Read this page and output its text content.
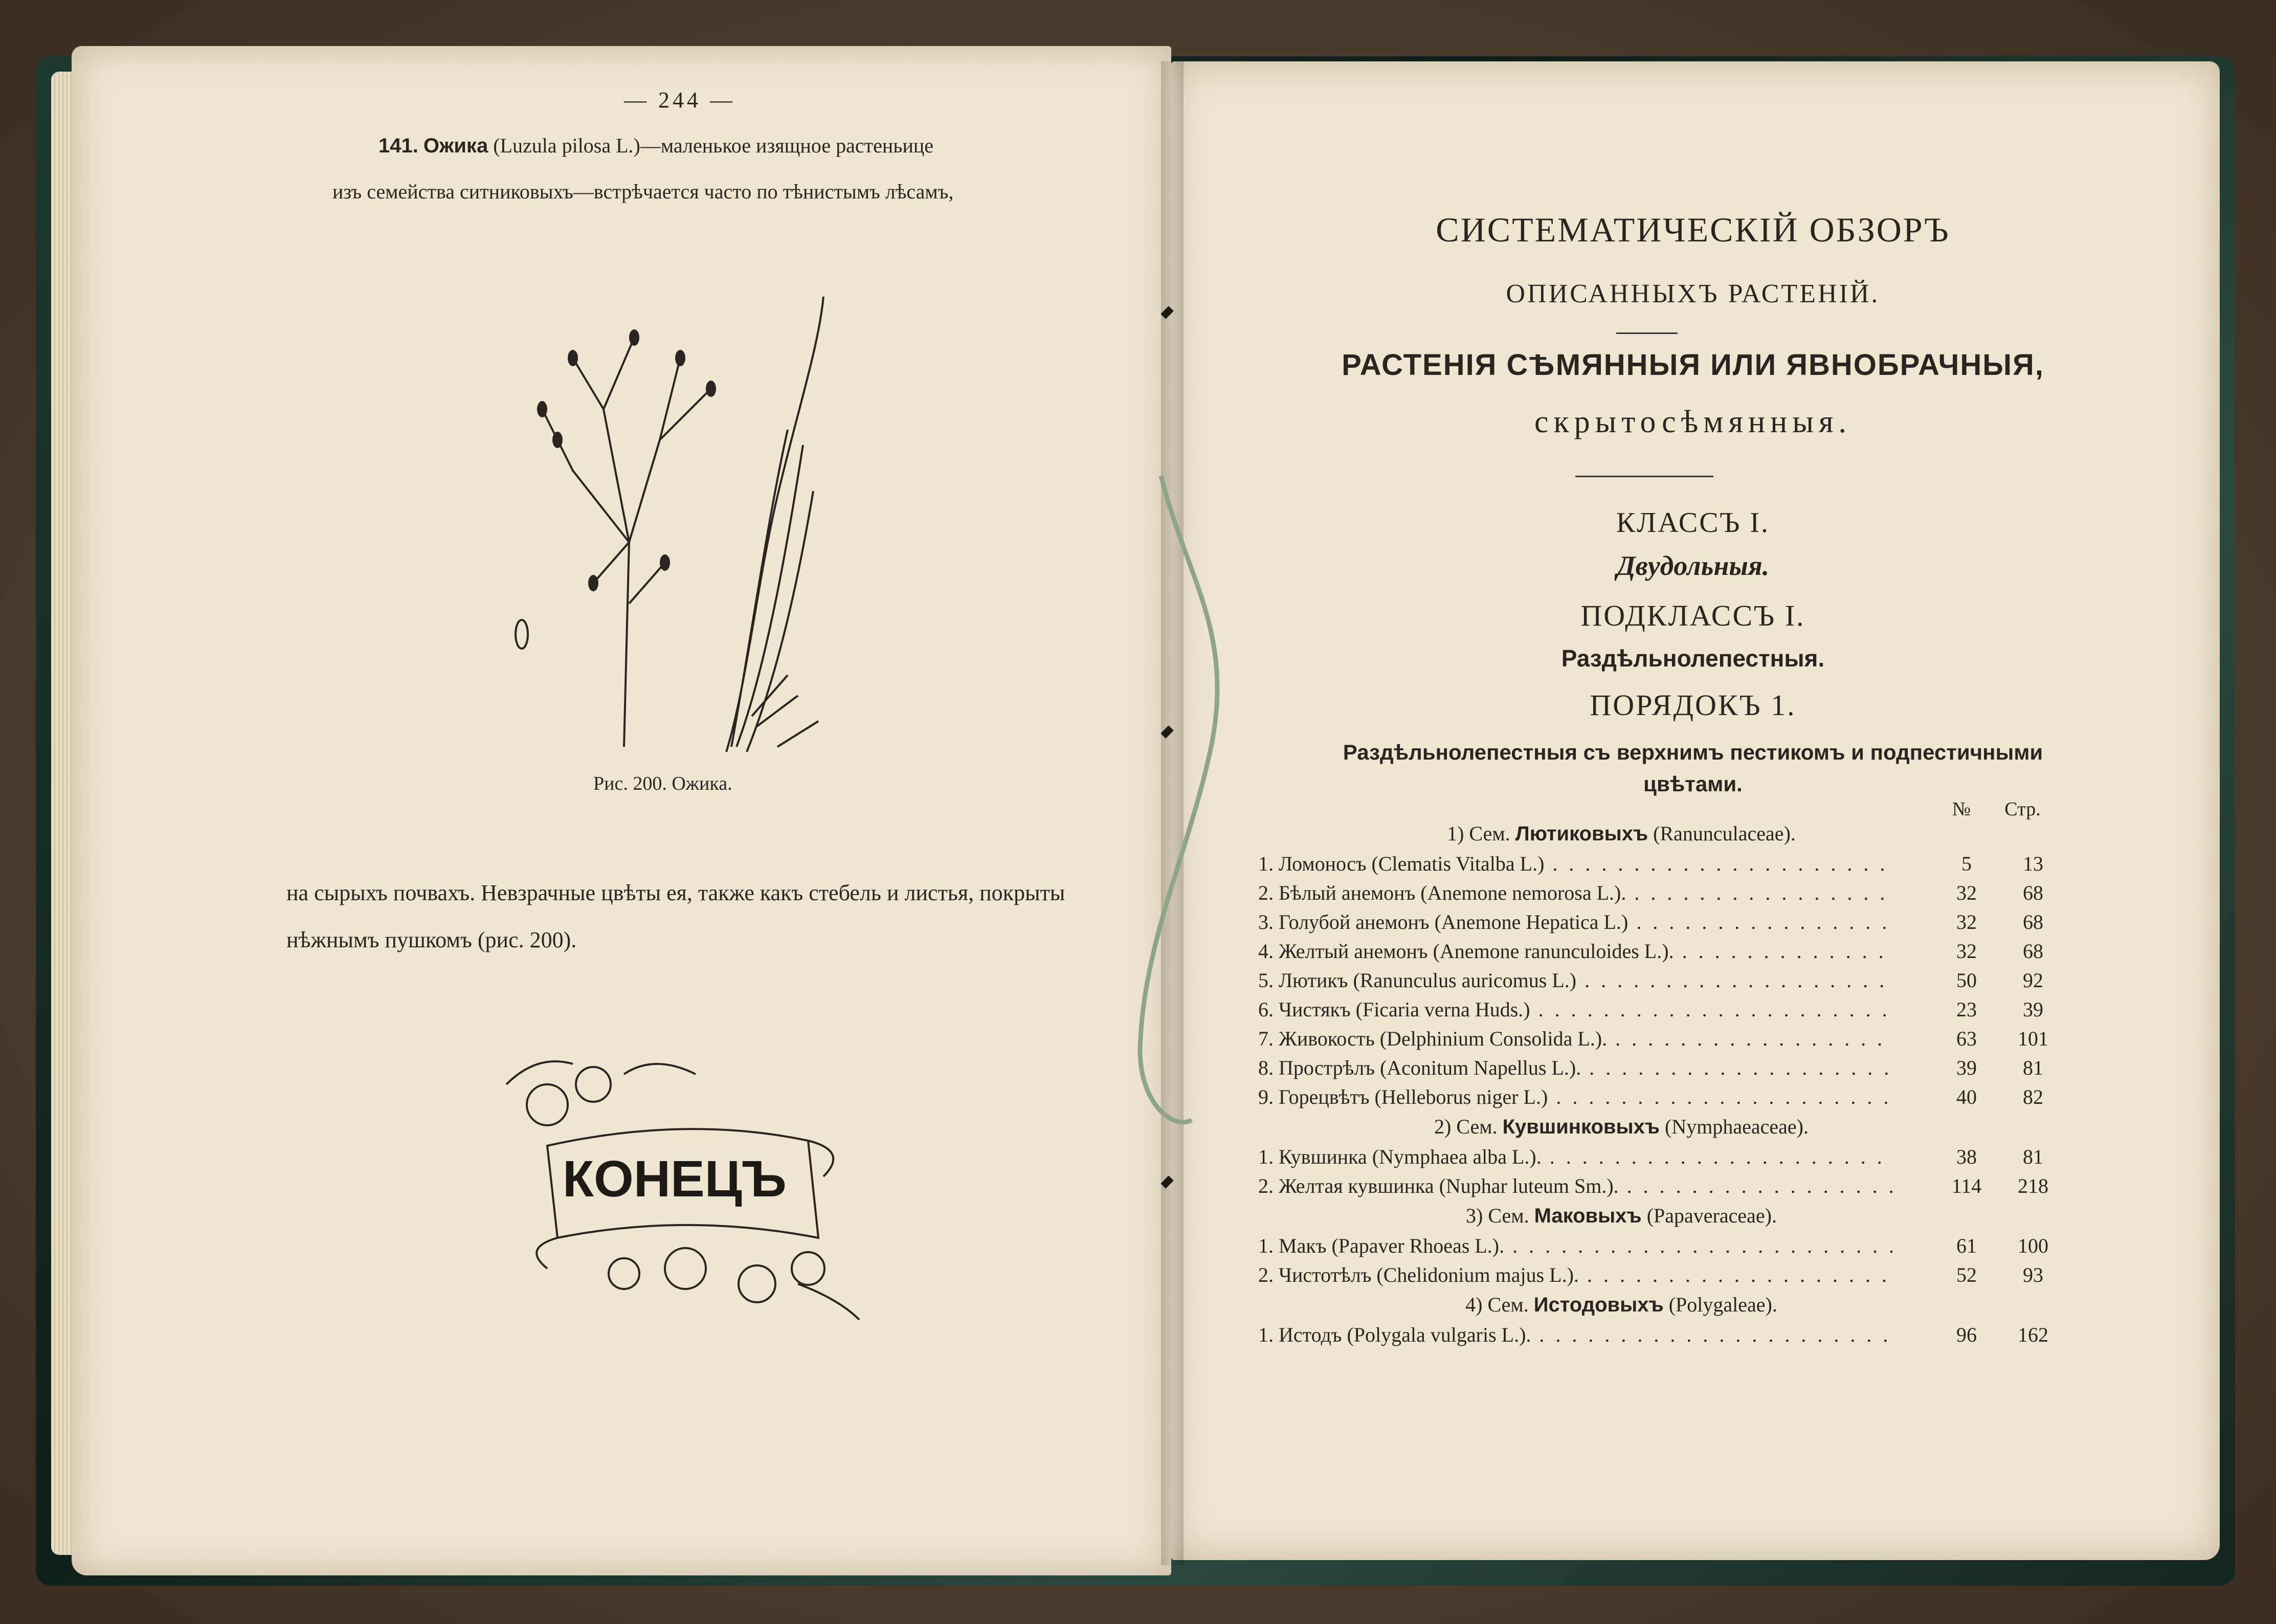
— 244 —
141. Ожика (Luzula pilosa L.)—маленькое изящное растеньице
изъ семейства ситниковыхъ—встрѣчается часто по тѣнистымъ лѣсамъ,
Рис. 200. Ожика.
на сырыхъ почвахъ. Невзрачные цвѣты ея, также какъ стебель и листья, покрыты нѣжнымъ пушкомъ (рис. 200).
КОНЕЦЪ
СИСТЕМАТИЧЕСКІЙ ОБЗОРЪ
ОПИСАННЫХЪ РАСТЕНІЙ.
РАСТЕНІЯ СѢМЯННЫЯ ИЛИ ЯВНОБРАЧНЫЯ,
скрытосѣмянныя.
КЛАССЪ I.
Двудольныя.
ПОДКЛАССЪ I.
Раздѣльнолепестныя.
ПОРЯДОКЪ 1.
Раздѣльнолепестныя съ верхнимъ пестикомъ и подпестичными
цвѣтами.
№ Стр.
1) Сем. Лютиковыхъ (Ranunculaceae).
1. Ломоносъ (Clematis Vitalba L.) . . .	5	13
2. Бѣлый анемонъ (Anemone nemorosa L.). . . .	32	68
3. Голубой анемонъ (Anemone Hepatica L.) . . .	32	68
4. Желтый анемонъ (Anemone ranunculoides L.). . . .	32	68
5. Лютикъ (Ranunculus auricomus L.) . . .	50	92
6. Чистякъ (Ficaria verna Huds.) . . .	23	39
7. Живокость (Delphinium Consolida L.). . . .	63	101
8. Прострѣлъ (Aconitum Napellus L.). . . .	39	81
9. Горецвѣтъ (Helleborus niger L.) . . .	40	82
2) Сем. Кувшинковыхъ (Nymphaeaceae).
1. Кувшинка (Nymphaea alba L.). . . .	38	81
2. Желтая кувшинка (Nuphar luteum Sm.). . . .	114	218
3) Сем. Маковыхъ (Papaveraceae).
1. Макъ (Papaver Rhoeas L.). . . .	61	100
2. Чистотѣлъ (Chelidonium majus L.). . . .	52	93
4) Сем. Истодовыхъ (Polygaleae).
1. Истодъ (Polygala vulgaris L.). . . .	96	162
